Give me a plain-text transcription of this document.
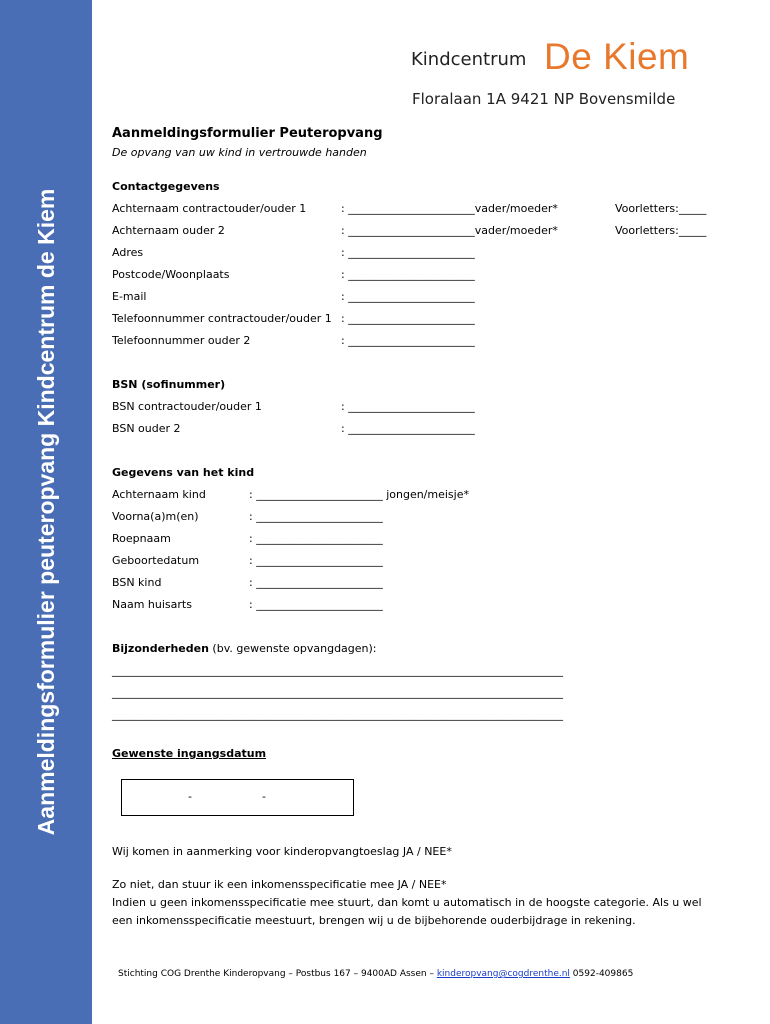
Aanmeldingsformulier peuteropvang Kindcentrum de Kiem
Kindcentrum De Kiem
Floralaan 1A 9421 NP Bovensmilde
Aanmeldingsformulier Peuteropvang
De opvang van uw kind in vertrouwde handen
Contactgegevens
Achternaam contractouder/ouder 1	: _______________________vader/moeder*	Voorletters:_____
Achternaam ouder 2	: _______________________vader/moeder*	Voorletters:_____
Adres	: _______________________
Postcode/Woonplaats	: _______________________
E-mail	: _______________________
Telefoonnummer contractouder/ouder 1 : _______________________
Telefoonnummer ouder 2	: _______________________
BSN (sofinummer)
BSN contractouder/ouder 1	: _______________________
BSN ouder 2	: _______________________
Gegevens van het kind
Achternaam kind	: _______________________ jongen/meisje*
Voorna(a)m(en)	: _______________________
Roepnaam	: _______________________
Geboortedatum	: _______________________
BSN kind	: _______________________
Naam huisarts	: _______________________
Bijzonderheden (bv. gewenste opvangdagen):
__________________________________________________________________________________
__________________________________________________________________________________
__________________________________________________________________________________
Gewenste ingangsdatum
-	-
Wij komen in aanmerking voor kinderopvangtoeslag JA / NEE*
Zo niet, dan stuur ik een inkomensspecificatie mee JA / NEE*
Indien u geen inkomensspecificatie mee stuurt, dan komt u automatisch in de hoogste categorie. Als u wel
een inkomensspecificatie meestuurt, brengen wij u de bijbehorende ouderbijdrage in rekening.
Stichting COG Drenthe Kinderopvang – Postbus 167 – 9400AD Assen – kinderopvang@cogdrenthe.nl 0592-409865
